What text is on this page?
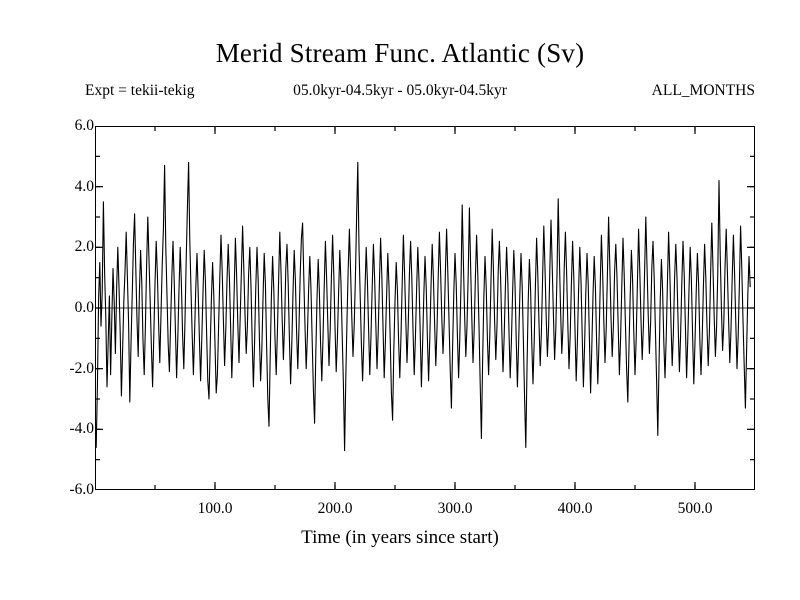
Merid Stream Func. Atlantic (Sv)
Expt = tekii-tekig	05.0kyr-04.5kyr - 05.0kyr-04.5kyr	ALL_MONTHS
6.0
4.0
2.0
0.0
-2.0
-4.0
-6.0
100.0	200.0	300.0	400.0	500.0
Time (in years since start)
